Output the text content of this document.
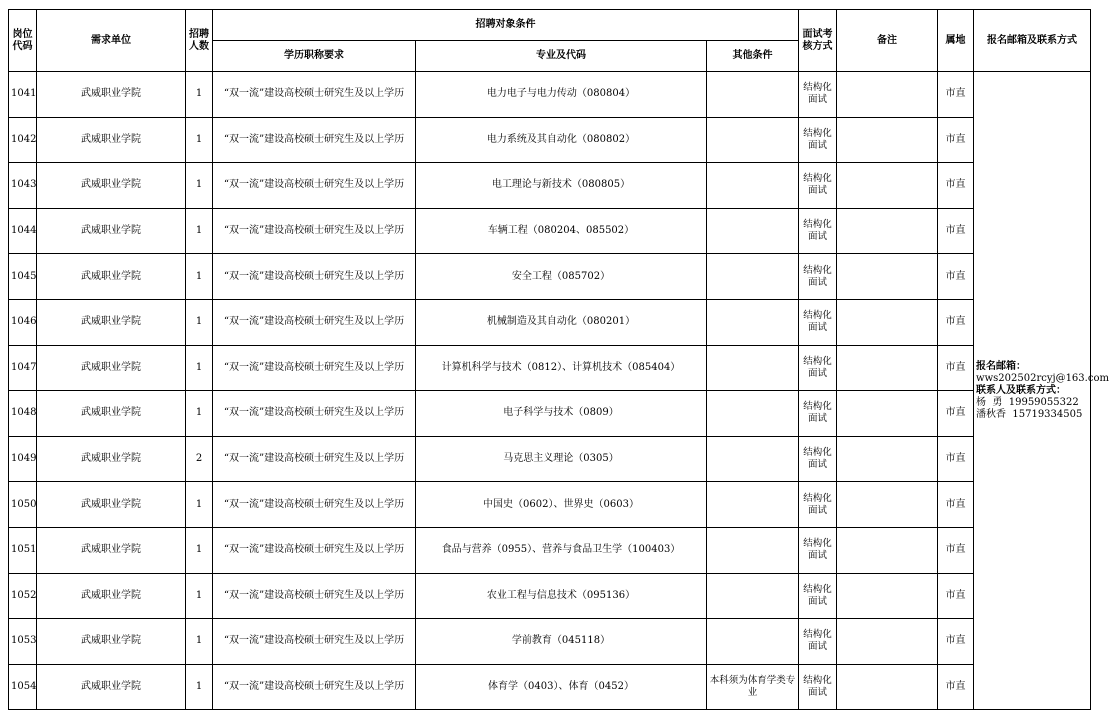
岗位代码	需求单位	招聘人数	招聘对象条件			面试考核方式	备注	属地	报名邮箱及联系方式
			学历职称要求	专业及代码	其他条件				
1041	武威职业学院	1	“双一流”建设高校硕士研究生及以上学历	电力电子与电力传动（080804）		结构化面试		市直	报名邮箱：
wws202502rcyj@163.com
联系人及联系方式：
杨  勇  19959055322
潘秋香  15719334505
1042	武威职业学院	1	“双一流”建设高校硕士研究生及以上学历	电力系统及其自动化（080802）		结构化面试		市直	
1043	武威职业学院	1	“双一流”建设高校硕士研究生及以上学历	电工理论与新技术（080805）		结构化面试		市直	
1044	武威职业学院	1	“双一流”建设高校硕士研究生及以上学历	车辆工程（080204、085502）		结构化面试		市直	
1045	武威职业学院	1	“双一流”建设高校硕士研究生及以上学历	安全工程（085702）		结构化面试		市直	
1046	武威职业学院	1	“双一流”建设高校硕士研究生及以上学历	机械制造及其自动化（080201）		结构化面试		市直	
1047	武威职业学院	1	“双一流”建设高校硕士研究生及以上学历	计算机科学与技术（0812）、计算机技术（085404）		结构化面试		市直	
1048	武威职业学院	1	“双一流”建设高校硕士研究生及以上学历	电子科学与技术（0809）		结构化面试		市直	
1049	武威职业学院	2	“双一流”建设高校硕士研究生及以上学历	马克思主义理论（0305）		结构化面试		市直	
1050	武威职业学院	1	“双一流”建设高校硕士研究生及以上学历	中国史（0602）、世界史（0603）		结构化面试		市直	
1051	武威职业学院	1	“双一流”建设高校硕士研究生及以上学历	食品与营养（0955）、营养与食品卫生学（100403）		结构化面试		市直	
1052	武威职业学院	1	“双一流”建设高校硕士研究生及以上学历	农业工程与信息技术（095136）		结构化面试		市直	
1053	武威职业学院	1	“双一流”建设高校硕士研究生及以上学历	学前教育（045118）		结构化面试		市直	
1054	武威职业学院	1	“双一流”建设高校硕士研究生及以上学历	体育学（0403）、体育（0452）	本科须为体育学类专业	结构化面试		市直	
